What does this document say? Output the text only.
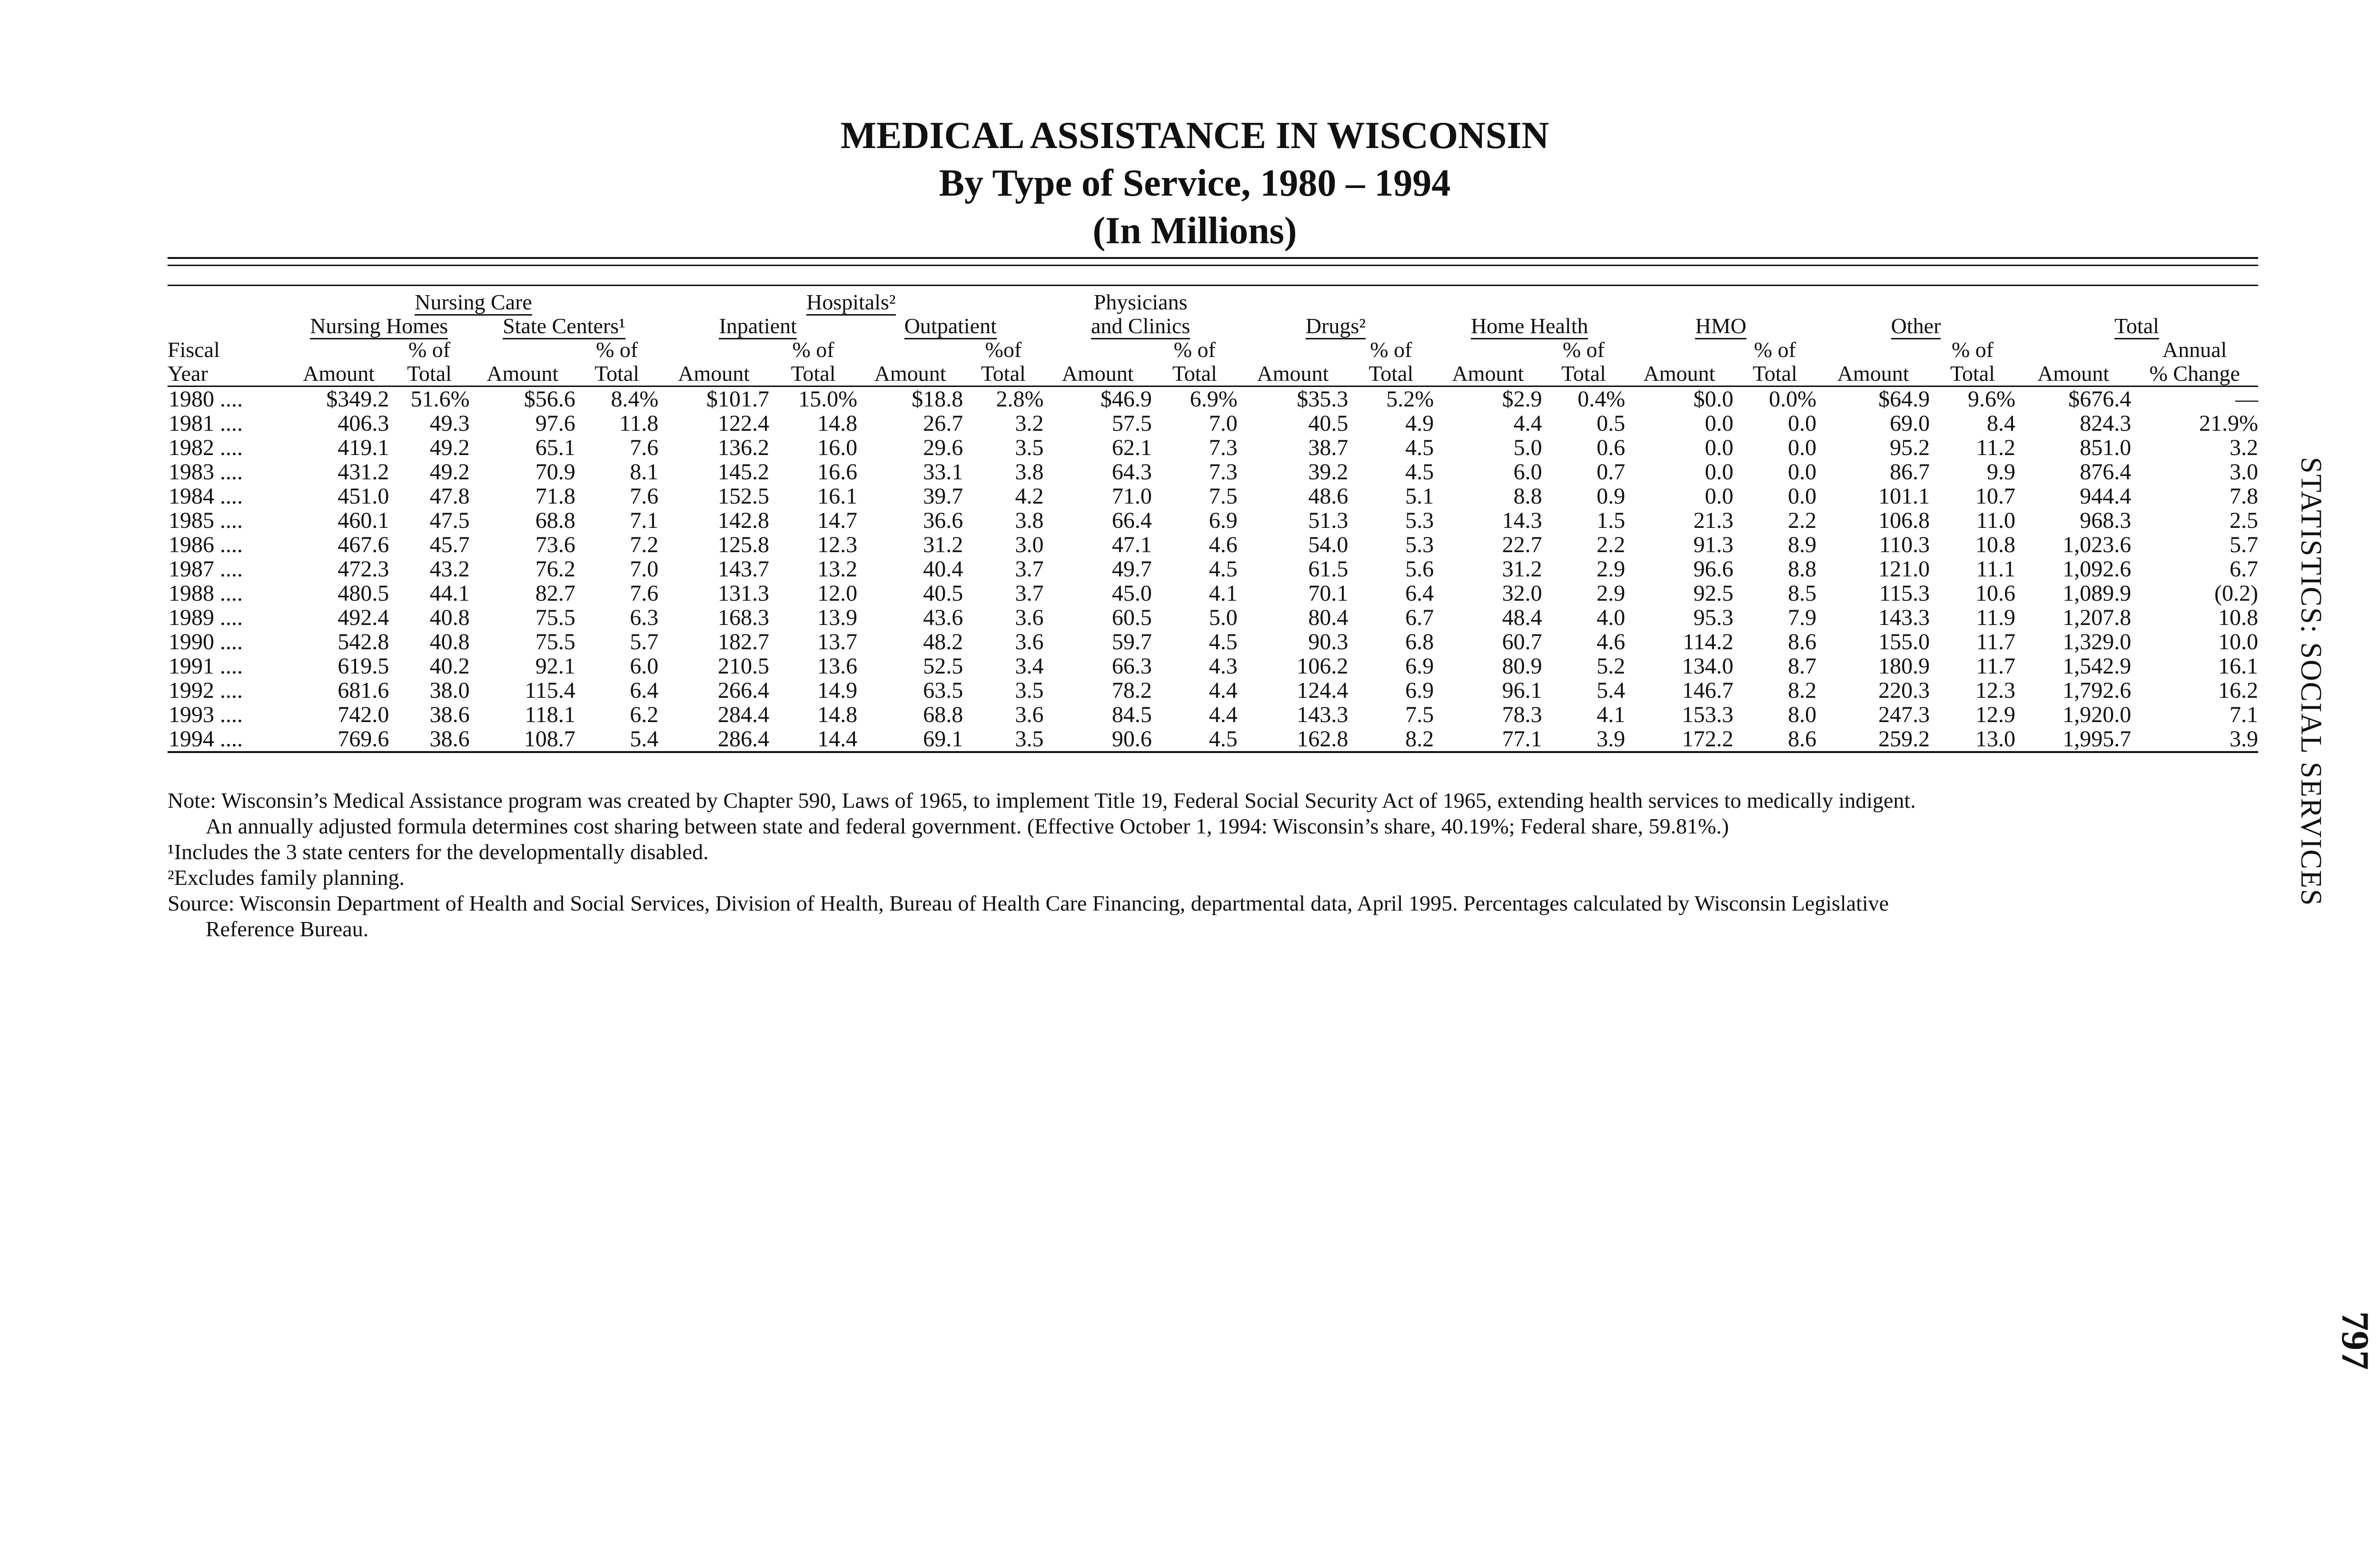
MEDICAL ASSISTANCE IN WISCONSIN
By Type of Service, 1980 – 1994
(In Millions)
	Nursing Care				Hospitals²				Physicians											
	Nursing Homes		State Centers¹		Inpatient		Outpatient		and Clinics		Drugs²		Home Health		HMO		Other		Total	
Fiscal		% of		% of		% of		%of		% of		% of		% of		% of		% of		Annual
Year	Amount	Total	Amount	Total	Amount	Total	Amount	Total	Amount	Total	Amount	Total	Amount	Total	Amount	Total	Amount	Total	Amount	% Change
1980 ....	$349.2	51.6%	$56.6	8.4%	$101.7	15.0%	$18.8	2.8%	$46.9	6.9%	$35.3	5.2%	$2.9	0.4%	$0.0	0.0%	$64.9	9.6%	$676.4	—
1981 ....	406.3	49.3	97.6	11.8	122.4	14.8	26.7	3.2	57.5	7.0	40.5	4.9	4.4	0.5	0.0	0.0	69.0	8.4	824.3	21.9%
1982 ....	419.1	49.2	65.1	7.6	136.2	16.0	29.6	3.5	62.1	7.3	38.7	4.5	5.0	0.6	0.0	0.0	95.2	11.2	851.0	3.2
1983 ....	431.2	49.2	70.9	8.1	145.2	16.6	33.1	3.8	64.3	7.3	39.2	4.5	6.0	0.7	0.0	0.0	86.7	9.9	876.4	3.0
1984 ....	451.0	47.8	71.8	7.6	152.5	16.1	39.7	4.2	71.0	7.5	48.6	5.1	8.8	0.9	0.0	0.0	101.1	10.7	944.4	7.8
1985 ....	460.1	47.5	68.8	7.1	142.8	14.7	36.6	3.8	66.4	6.9	51.3	5.3	14.3	1.5	21.3	2.2	106.8	11.0	968.3	2.5
1986 ....	467.6	45.7	73.6	7.2	125.8	12.3	31.2	3.0	47.1	4.6	54.0	5.3	22.7	2.2	91.3	8.9	110.3	10.8	1,023.6	5.7
1987 ....	472.3	43.2	76.2	7.0	143.7	13.2	40.4	3.7	49.7	4.5	61.5	5.6	31.2	2.9	96.6	8.8	121.0	11.1	1,092.6	6.7
1988 ....	480.5	44.1	82.7	7.6	131.3	12.0	40.5	3.7	45.0	4.1	70.1	6.4	32.0	2.9	92.5	8.5	115.3	10.6	1,089.9	(0.2)
1989 ....	492.4	40.8	75.5	6.3	168.3	13.9	43.6	3.6	60.5	5.0	80.4	6.7	48.4	4.0	95.3	7.9	143.3	11.9	1,207.8	10.8
1990 ....	542.8	40.8	75.5	5.7	182.7	13.7	48.2	3.6	59.7	4.5	90.3	6.8	60.7	4.6	114.2	8.6	155.0	11.7	1,329.0	10.0
1991 ....	619.5	40.2	92.1	6.0	210.5	13.6	52.5	3.4	66.3	4.3	106.2	6.9	80.9	5.2	134.0	8.7	180.9	11.7	1,542.9	16.1
1992 ....	681.6	38.0	115.4	6.4	266.4	14.9	63.5	3.5	78.2	4.4	124.4	6.9	96.1	5.4	146.7	8.2	220.3	12.3	1,792.6	16.2
1993 ....	742.0	38.6	118.1	6.2	284.4	14.8	68.8	3.6	84.5	4.4	143.3	7.5	78.3	4.1	153.3	8.0	247.3	12.9	1,920.0	7.1
1994 ....	769.6	38.6	108.7	5.4	286.4	14.4	69.1	3.5	90.6	4.5	162.8	8.2	77.1	3.9	172.2	8.6	259.2	13.0	1,995.7	3.9

Note: Wisconsin’s Medical Assistance program was created by Chapter 590, Laws of 1965, to implement Title 19, Federal Social Security Act of 1965, extending health services to medically indigent.

An annually adjusted formula determines cost sharing between state and federal government. (Effective October 1, 1994: Wisconsin’s share, 40.19%; Federal share, 59.81%.)

¹Includes the 3 state centers for the developmentally disabled.

²Excludes family planning.

Source: Wisconsin Department of Health and Social Services, Division of Health, Bureau of Health Care Financing, departmental data, April 1995. Percentages calculated by Wisconsin Legislative

Reference Bureau.

STATISTICS: SOCIAL SERVICES
797
